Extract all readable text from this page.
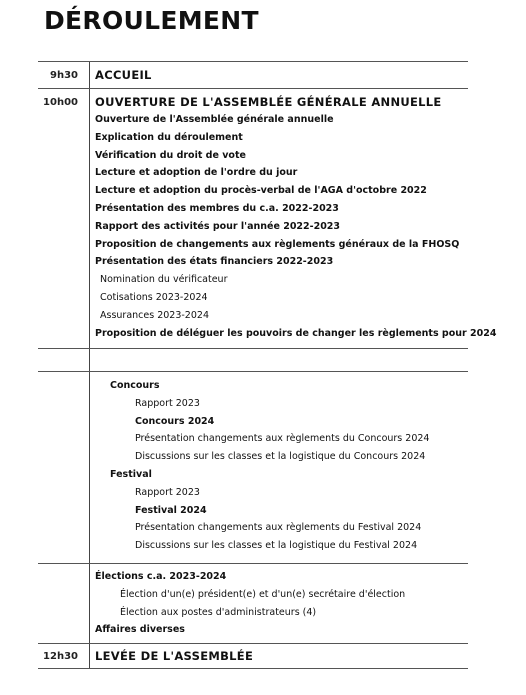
DÉROULEMENT
9h30 ACCUEIL
10h00 OUVERTURE DE L'ASSEMBLÉE GÉNÉRALE ANNUELLE
Ouverture de l'Assemblée générale annuelle
Explication du déroulement
Vérification du droit de vote
Lecture et adoption de l'ordre du jour
Lecture et adoption du procès-verbal de l'AGA d'octobre 2022
Présentation des membres du c.a. 2022-2023
Rapport des activités pour l'année 2022-2023
Proposition de changements aux règlements généraux de la FHOSQ
Présentation des états financiers 2022-2023
Nomination du vérificateur
Cotisations 2023-2024
Assurances 2023-2024
Proposition de déléguer les pouvoirs de changer les règlements pour 2024
Concours
Rapport 2023
Concours 2024
Présentation changements aux règlements du Concours 2024
Discussions sur les classes et la logistique du Concours 2024
Festival
Rapport 2023
Festival 2024
Présentation changements aux règlements du Festival 2024
Discussions sur les classes et la logistique du Festival 2024
Élections c.a. 2023-2024
Élection d'un(e) président(e) et d'un(e) secrétaire d'élection
Élection aux postes d'administrateurs (4)
Affaires diverses
12h30 LEVÉE DE L'ASSEMBLÉE
